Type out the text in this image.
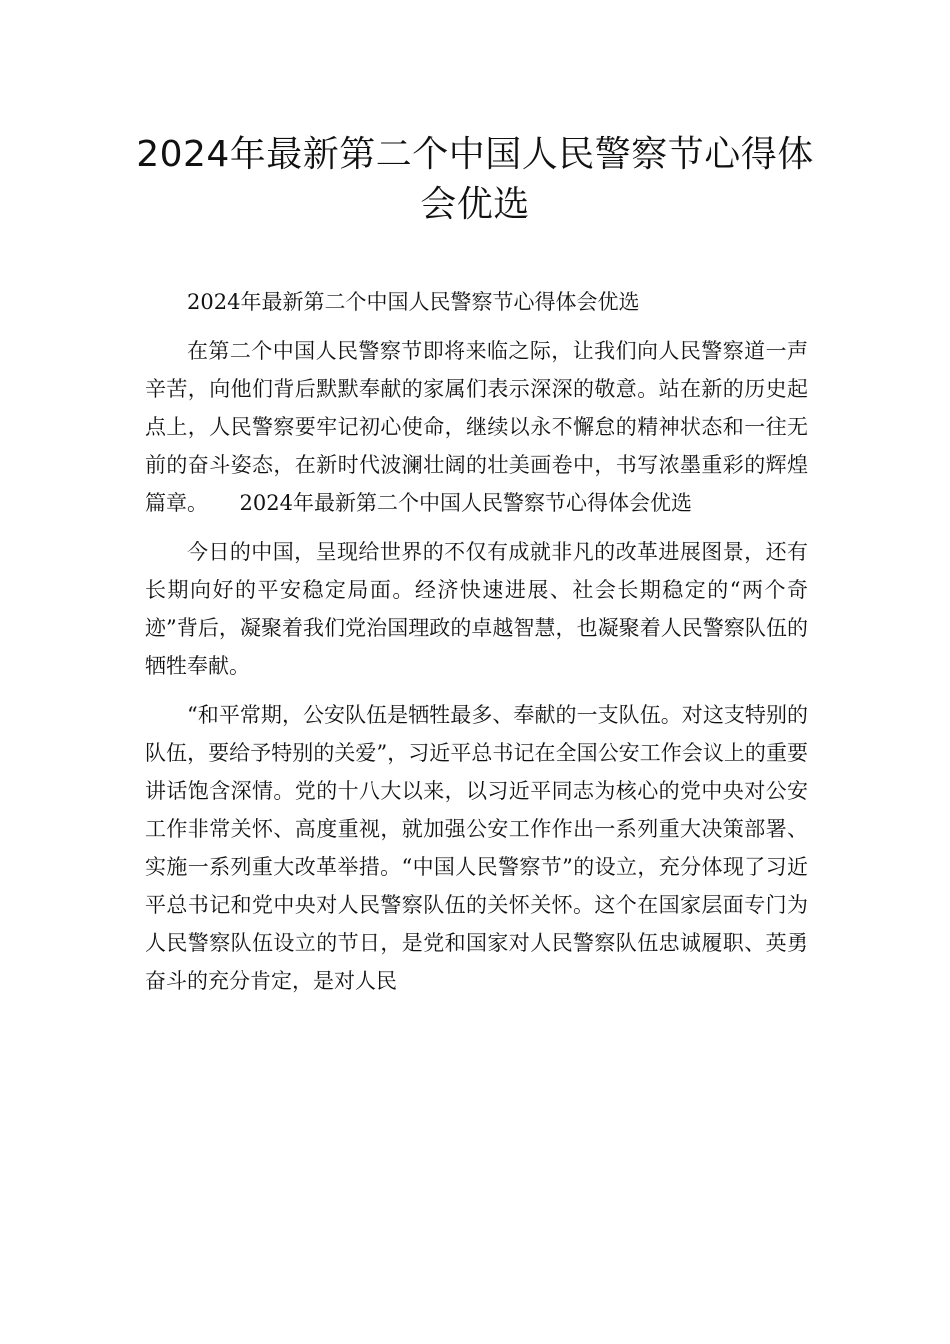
2024年最新第二个中国人民警察节心得体会优选

2024年最新第二个中国人民警察节心得体会优选

在第二个中国人民警察节即将来临之际，让我们向人民警察道一声辛苦，向他们背后默默奉献的家属们表示深深的敬意。站在新的历史起点上，人民警察要牢记初心使命，继续以永不懈怠的精神状态和一往无前的奋斗姿态，在新时代波澜壮阔的壮美画卷中，书写浓墨重彩的辉煌篇章。　　2024年最新第二个中国人民警察节心得体会优选

今日的中国，呈现给世界的不仅有成就非凡的改革进展图景，还有长期向好的平安稳定局面。经济快速进展、社会长期稳定的“两个奇迹”背后，凝聚着我们党治国理政的卓越智慧，也凝聚着人民警察队伍的牺牲奉献。

“和平常期，公安队伍是牺牲最多、奉献的一支队伍。对这支特别的队伍，要给予特别的关爱”，习近平总书记在全国公安工作会议上的重要讲话饱含深情。党的十八大以来，以习近平同志为核心的党中央对公安工作非常关怀、高度重视，就加强公安工作作出一系列重大决策部署、实施一系列重大改革举措。“中国人民警察节”的设立，充分体现了习近平总书记和党中央对人民警察队伍的关怀关怀。这个在国家层面专门为人民警察队伍设立的节日，是党和国家对人民警察队伍忠诚履职、英勇奋斗的充分肯定，是对人民
